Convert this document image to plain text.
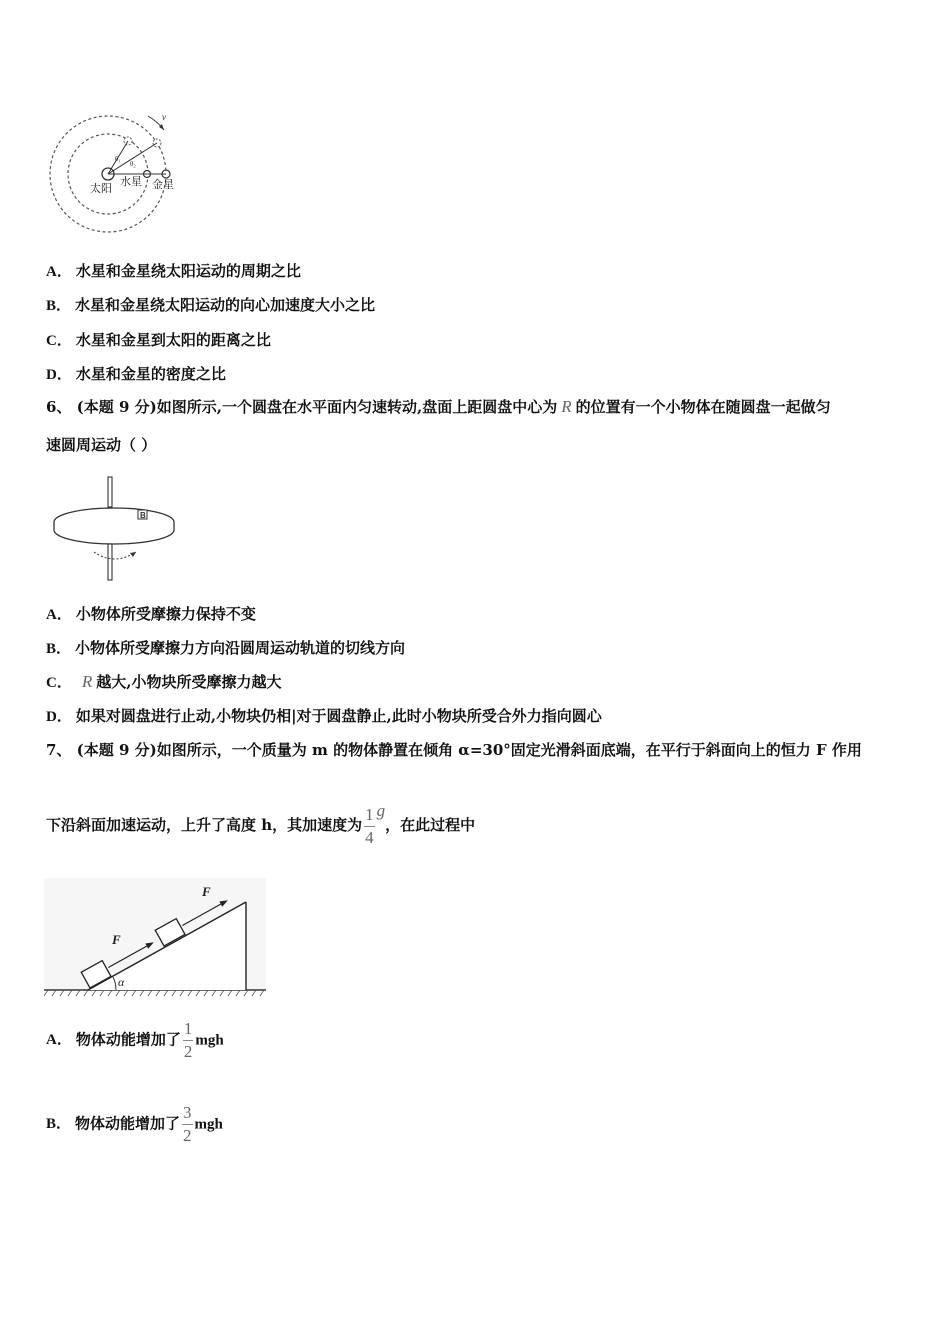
v
θ₁
θ₂
太阳
水星 金星
A． 水星和金星绕太阳运动的周期之比
B． 水星和金星绕太阳运动的向心加速度大小之比
C． 水星和金星到太阳的距离之比
D． 水星和金星的密度之比
6、 (本题 9 分)如图所示,一个圆盘在水平面内匀速转动,盘面上距圆盘中心为 R 的位置有一个小物体在随圆盘一起做匀
速圆周运动（ ）
B
A． 小物体所受摩擦力保持不变
B． 小物体所受摩擦力方向沿圆周运动轨道的切线方向
C． R 越大,小物块所受摩擦力越大
D． 如果对圆盘进行止动,小物块仍相|对于圆盘静止,此时小物块所受合外力指向圆心
7、 (本题 9 分)如图所示，一个质量为 m 的物体静置在倾角 α=30°固定光滑斜面底端，在平行于斜面向上的恒力 F 作用
下沿斜面加速运动，上升了高度 h，其加速度为 $\frac{1}{4}$ g，在此过程中
α
F
F
A． 物体动能增加了 $\frac{1}{2}$ mgh
B． 物体动能增加了 $\frac{3}{2}$ mgh
